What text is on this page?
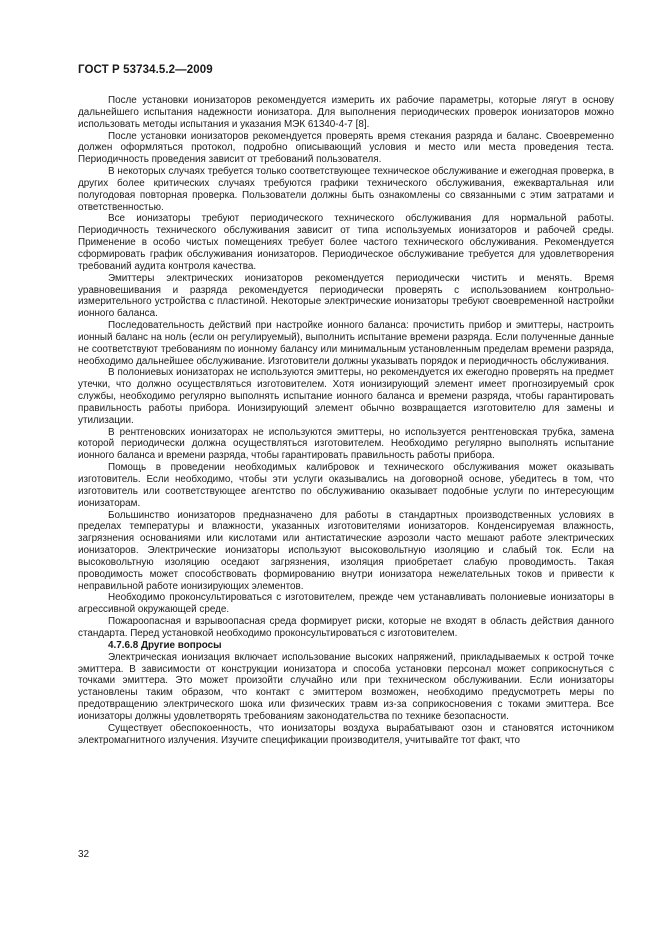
ГОСТ Р 53734.5.2—2009

После установки ионизаторов рекомендуется измерить их рабочие параметры, которые лягут в основу дальнейшего испытания надежности ионизатора. Для выполнения периодических проверок ионизаторов можно использовать методы испытания и указания МЭК 61340-4-7 [8].

После установки ионизаторов рекомендуется проверять время стекания разряда и баланс. Своевременно должен оформляться протокол, подробно описывающий условия и место или места проведения теста. Периодичность проведения зависит от требований пользователя.

В некоторых случаях требуется только соответствующее техническое обслуживание и ежегодная проверка, в других более критических случаях требуются графики технического обслуживания, ежеквартальная или полугодовая повторная проверка. Пользователи должны быть ознакомлены со связанными с этим затратами и ответственностью.

Все ионизаторы требуют периодического технического обслуживания для нормальной работы. Периодичность технического обслуживания зависит от типа используемых ионизаторов и рабочей среды. Применение в особо чистых помещениях требует более частого технического обслуживания. Рекомендуется сформировать график обслуживания ионизаторов. Периодическое обслуживание требуется для удовлетворения требований аудита контроля качества.

Эмиттеры электрических ионизаторов рекомендуется периодически чистить и менять. Время уравновешивания и разряда рекомендуется периодически проверять с использованием контрольно-измерительного устройства с пластиной. Некоторые электрические ионизаторы требуют своевременной настройки ионного баланса.

Последовательность действий при настройке ионного баланса: прочистить прибор и эмиттеры, настроить ионный баланс на ноль (если он регулируемый), выполнить испытание времени разряда. Если полученные данные не соответствуют требованиям по ионному балансу или минимальным установленным пределам времени разряда, необходимо дальнейшее обслуживание. Изготовители должны указывать порядок и периодичность обслуживания.

В полониевых ионизаторах не используются эмиттеры, но рекомендуется их ежегодно проверять на предмет утечки, что должно осуществляться изготовителем. Хотя ионизирующий элемент имеет прогнозируемый срок службы, необходимо регулярно выполнять испытание ионного баланса и времени разряда, чтобы гарантировать правильность работы прибора. Ионизирующий элемент обычно возвращается изготовителю для замены и утилизации.

В рентгеновских ионизаторах не используются эмиттеры, но используется рентгеновская трубка, замена которой периодически должна осуществляться изготовителем. Необходимо регулярно выполнять испытание ионного баланса и времени разряда, чтобы гарантировать правильность работы прибора.

Помощь в проведении необходимых калибровок и технического обслуживания может оказывать изготовитель. Если необходимо, чтобы эти услуги оказывались на договорной основе, убедитесь в том, что изготовитель или соответствующее агентство по обслуживанию оказывает подобные услуги по интересующим ионизаторам.

Большинство ионизаторов предназначено для работы в стандартных производственных условиях в пределах температуры и влажности, указанных изготовителями ионизаторов. Конденсируемая влажность, загрязнения основаниями или кислотами или антистатические аэрозоли часто мешают работе электрических ионизаторов. Электрические ионизаторы используют высоковольтную изоляцию и слабый ток. Если на высоковольтную изоляцию оседают загрязнения, изоляция приобретает слабую проводимость. Такая проводимость может способствовать формированию внутри ионизатора нежелательных токов и привести к неправильной работе ионизирующих элементов.

Необходимо проконсультироваться с изготовителем, прежде чем устанавливать полониевые ионизаторы в агрессивной окружающей среде.

Пожароопасная и взрывоопасная среда формирует риски, которые не входят в область действия данного стандарта. Перед установкой необходимо проконсультироваться с изготовителем.

4.7.6.8 Другие вопросы

Электрическая ионизация включает использование высоких напряжений, прикладываемых к острой точке эмиттера. В зависимости от конструкции ионизатора и способа установки персонал может соприкоснуться с точками эмиттера. Это может произойти случайно или при техническом обслуживании. Если ионизаторы установлены таким образом, что контакт с эмиттером возможен, необходимо предусмотреть меры по предотвращению электрического шока или физических травм из-за соприкосновения с токами эмиттера. Все ионизаторы должны удовлетворять требованиям законодательства по технике безопасности.

Существует обеспокоенность, что ионизаторы воздуха вырабатывают озон и становятся источником электромагнитного излучения. Изучите спецификации производителя, учитывайте тот факт, что

32
